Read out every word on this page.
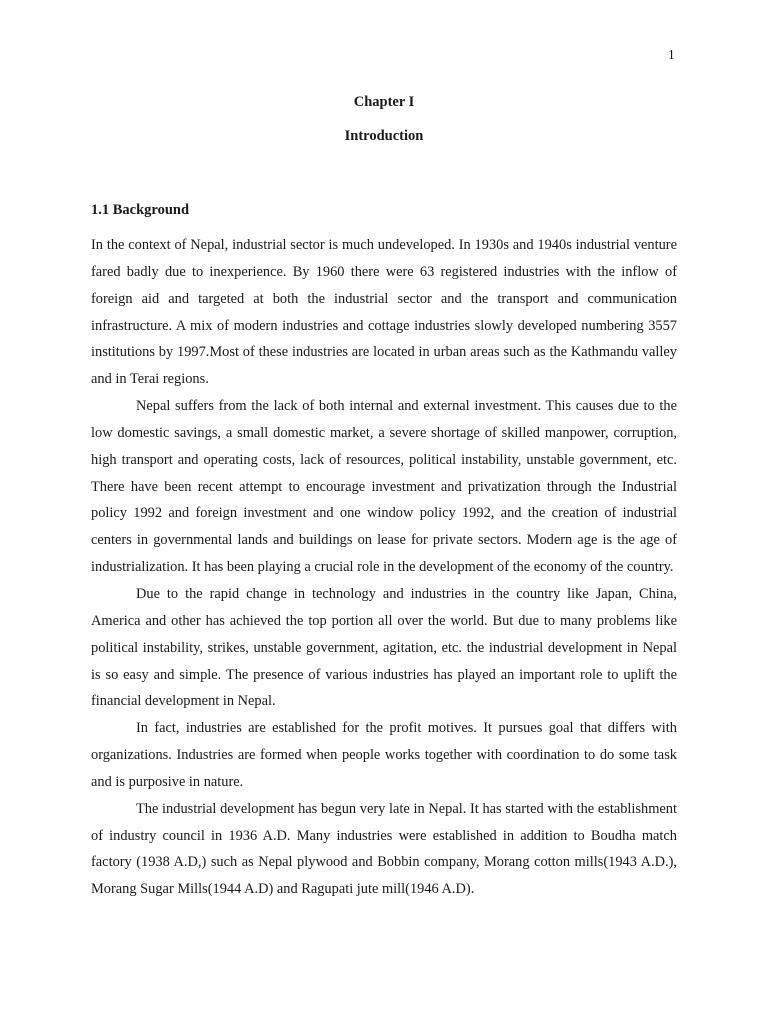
1
Chapter I
Introduction
1.1 Background

In the context of Nepal, industrial sector is much undeveloped. In 1930s and 1940s industrial venture fared badly due to inexperience. By 1960 there were 63 registered industries with the inflow of foreign aid and targeted at both the industrial sector and the transport and communication infrastructure. A mix of modern industries and cottage industries slowly developed numbering 3557 institutions by 1997.Most of these industries are located in urban areas such as the Kathmandu valley and in Terai regions.

Nepal suffers from the lack of both internal and external investment. This causes due to the low domestic savings, a small domestic market, a severe shortage of skilled manpower, corruption, high transport and operating costs, lack of resources, political instability, unstable government, etc. There have been recent attempt to encourage investment and privatization through the Industrial policy 1992 and foreign investment and one window policy 1992, and the creation of industrial centers in governmental lands and buildings on lease for private sectors. Modern age is the age of industrialization. It has been playing a crucial role in the development of the economy of the country.

Due to the rapid change in technology and industries in the country like Japan, China, America and other has achieved the top portion all over the world. But due to many problems like political instability, strikes, unstable government, agitation, etc. the industrial development in Nepal is so easy and simple. The presence of various industries has played an important role to uplift the financial development in Nepal.

In fact, industries are established for the profit motives. It pursues goal that differs with organizations. Industries are formed when people works together with coordination to do some task and is purposive in nature.

The industrial development has begun very late in Nepal. It has started with the establishment of industry council in 1936 A.D. Many industries were established in addition to Boudha match factory (1938 A.D,) such as Nepal plywood and Bobbin company, Morang cotton mills(1943 A.D.), Morang Sugar Mills(1944 A.D) and Ragupati jute mill(1946 A.D).
